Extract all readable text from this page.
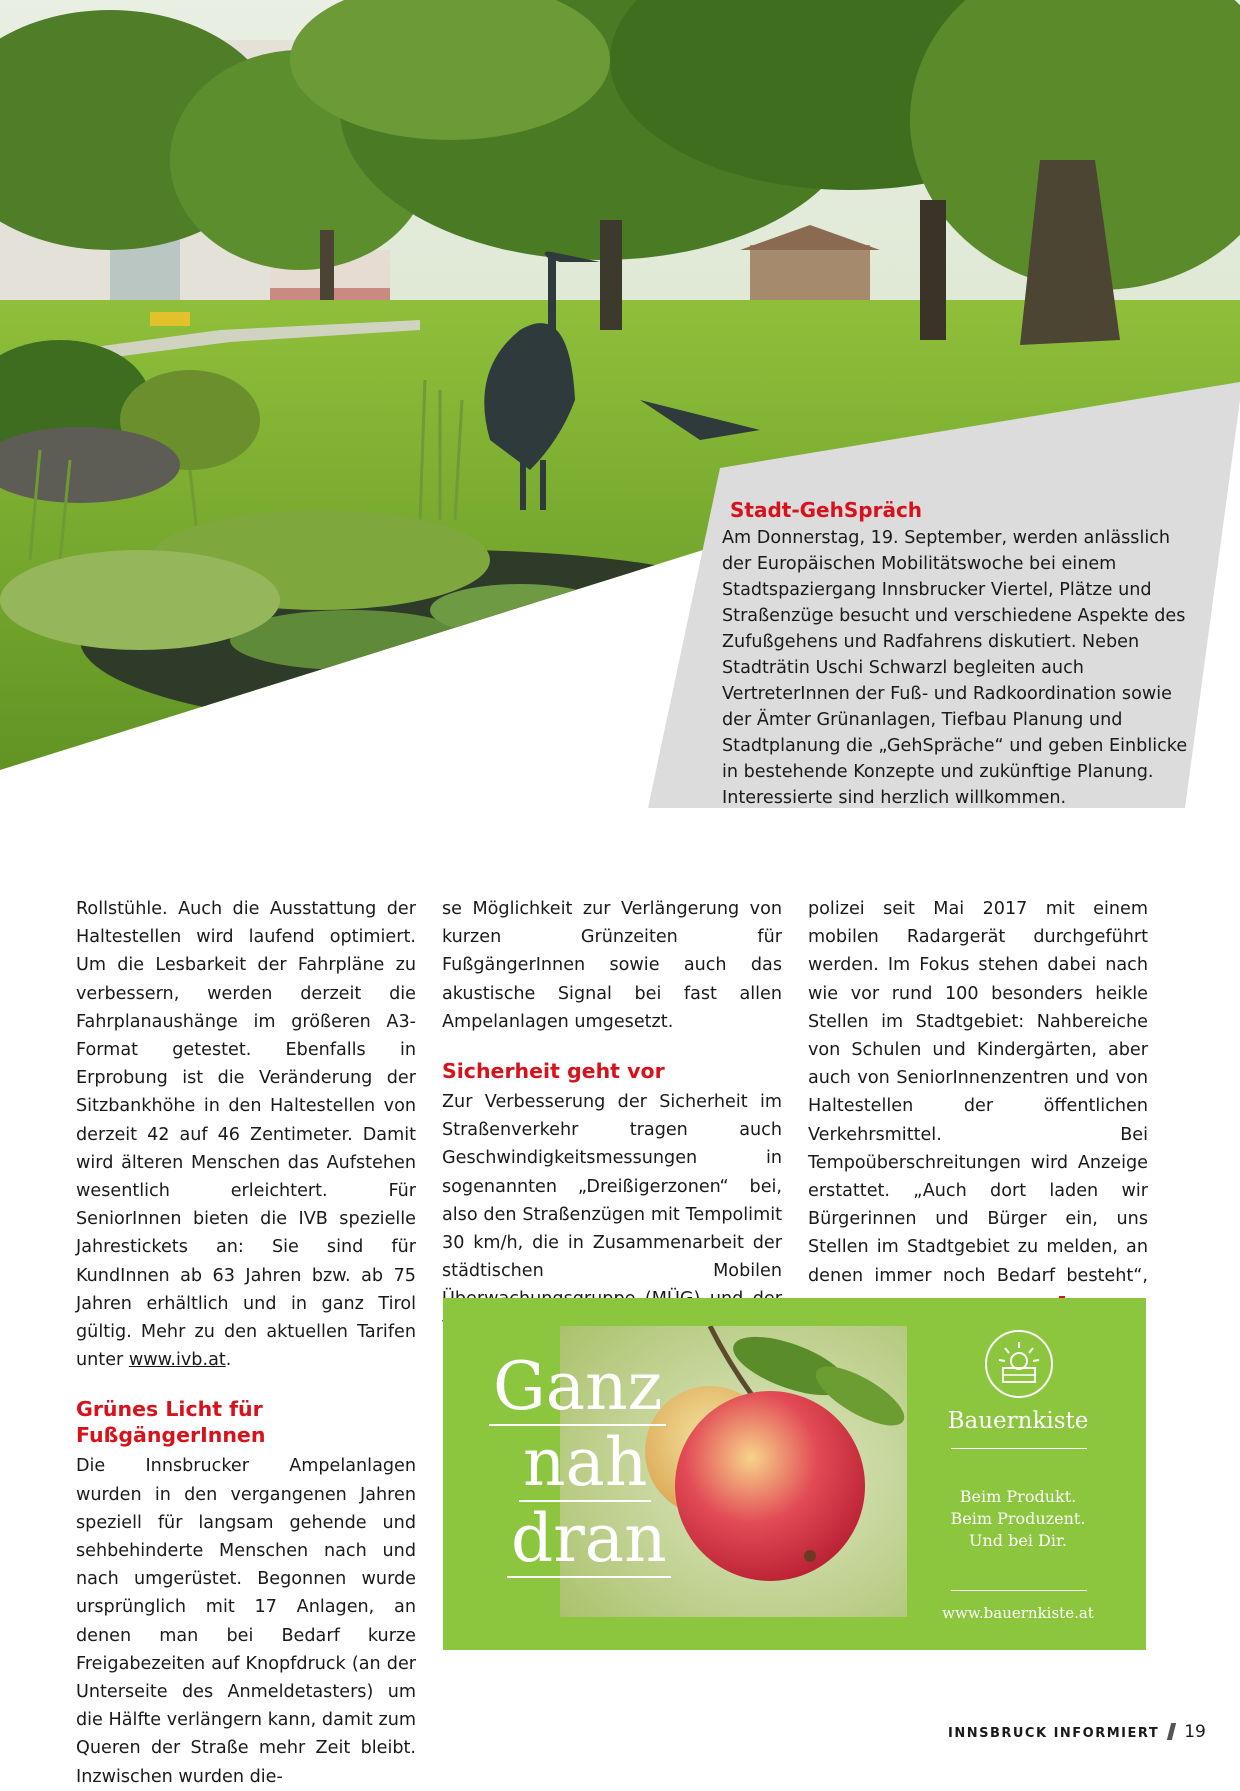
Stadt-GehSpräch
Am Donnerstag, 19. September, werden anlässlich der Europäischen Mobilitätswoche bei einem Stadtspaziergang Innsbrucker Viertel, Plätze und Straßenzüge besucht und verschiedene Aspekte des Zufußgehens und Radfahrens diskutiert. Neben Stadträtin Uschi Schwarzl begleiten auch VertreterInnen der Fuß- und Radkoordination sowie der Ämter Grünanlagen, Tiefbau Planung und Stadtplanung die „GehSpräche“ und geben Einblicke in bestehende Konzepte und zukünftige Planung. Interessierte sind herzlich willkommen.

Rollstühle. Auch die Ausstattung der Haltestellen wird laufend optimiert. Um die Lesbarkeit der Fahrpläne zu verbessern, werden derzeit die Fahrplanaushänge im größeren A3-Format getestet. Ebenfalls in Erprobung ist die Veränderung der Sitzbankhöhe in den Haltestellen von derzeit 42 auf 46 Zentimeter. Damit wird älteren Menschen das Aufstehen wesentlich erleichtert. Für SeniorInnen bieten die IVB spezielle Jahrestickets an: Sie sind für KundInnen ab 63 Jahren bzw. ab 75 Jahren erhältlich und in ganz Tirol gültig. Mehr zu den aktuellen Tarifen unter www.ivb.at.

Grünes Licht für FußgängerInnen

Die Innsbrucker Ampelanlagen wurden in den vergangenen Jahren speziell für langsam gehende und sehbehinderte Menschen nach und nach umgerüstet. Begonnen wurde ursprünglich mit 17 Anlagen, an denen man bei Bedarf kurze Freigabezeiten auf Knopfdruck (an der Unterseite des Anmeldetasters) um die Hälfte verlängern kann, damit zum Queren der Straße mehr Zeit bleibt. Inzwischen wurden die-

se Möglichkeit zur Verlängerung von kurzen Grünzeiten für FußgängerInnen sowie auch das akustische Signal bei fast allen Ampelanlagen umgesetzt.

Sicherheit geht vor

Zur Verbesserung der Sicherheit im Straßenverkehr tragen auch Geschwindigkeitsmessungen in sogenannten „Dreißigerzonen“ bei, also den Straßenzügen mit Tempolimit 30 km/h, die in Zusammenarbeit der städtischen Mobilen

polizei seit Mai 2017 mit einem mobilen Radargerät durchgeführt werden. Im Fokus stehen dabei nach wie vor rund 100 besonders heikle Stellen im Stadtgebiet: Nahbereiche von Schulen und Kindergärten, aber auch von SeniorInnenzentren und von Haltestellen der öffentlichen Verkehrsmittel. Bei Tempoüberschreitungen wird Anzeige erstattet. „Auch dort laden wir Bürgerinnen und Bürger ein, uns Stellen im Stadtgebiet zu melden, an denen immer noch Bedarf besteht“,

Ganz
nah
dran
Bauernkiste
Beim Produkt.
Beim Produzent.
Und bei Dir.
www.bauernkiste.at
INNSBRUCK INFORMIERT 19
